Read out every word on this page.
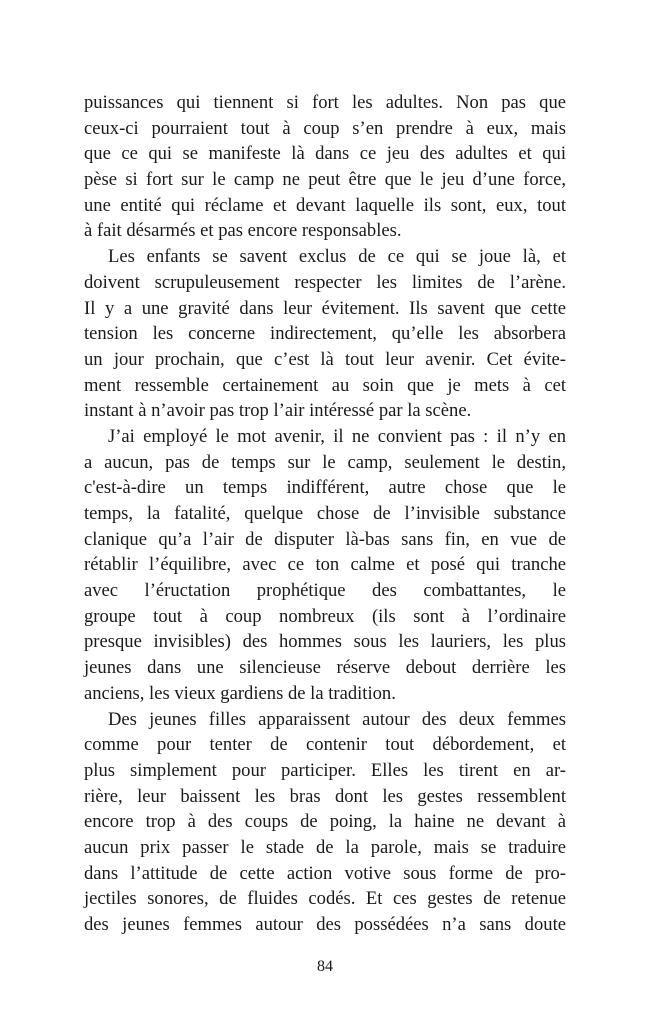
puissances qui tiennent si fort les adultes. Non pas que
ceux-ci pourraient tout à coup s’en prendre à eux, mais
que ce qui se manifeste là dans ce jeu des adultes et qui
pèse si fort sur le camp ne peut être que le jeu d’une force,
une entité qui réclame et devant laquelle ils sont, eux, tout
à fait désarmés et pas encore responsables.
Les enfants se savent exclus de ce qui se joue là, et
doivent scrupuleusement respecter les limites de l’arène.
Il y a une gravité dans leur évitement. Ils savent que cette
tension les concerne indirectement, qu’elle les absorbera
un jour prochain, que c’est là tout leur avenir. Cet évite-
ment ressemble certainement au soin que je mets à cet
instant à n’avoir pas trop l’air intéressé par la scène.
J’ai employé le mot avenir, il ne convient pas : il n’y en
a aucun, pas de temps sur le camp, seulement le destin,
c'est-à-dire un temps indifférent, autre chose que le
temps, la fatalité, quelque chose de l’invisible substance
clanique qu’a l’air de disputer là-bas sans fin, en vue de
rétablir l’équilibre, avec ce ton calme et posé qui tranche
avec l’éructation prophétique des combattantes, le
groupe tout à coup nombreux (ils sont à l’ordinaire
presque invisibles) des hommes sous les lauriers, les plus
jeunes dans une silencieuse réserve debout derrière les
anciens, les vieux gardiens de la tradition.
Des jeunes filles apparaissent autour des deux femmes
comme pour tenter de contenir tout débordement, et
plus simplement pour participer. Elles les tirent en ar-
rière, leur baissent les bras dont les gestes ressemblent
encore trop à des coups de poing, la haine ne devant à
aucun prix passer le stade de la parole, mais se traduire
dans l’attitude de cette action votive sous forme de pro-
jectiles sonores, de fluides codés. Et ces gestes de retenue
des jeunes femmes autour des possédées n’a sans doute
84
